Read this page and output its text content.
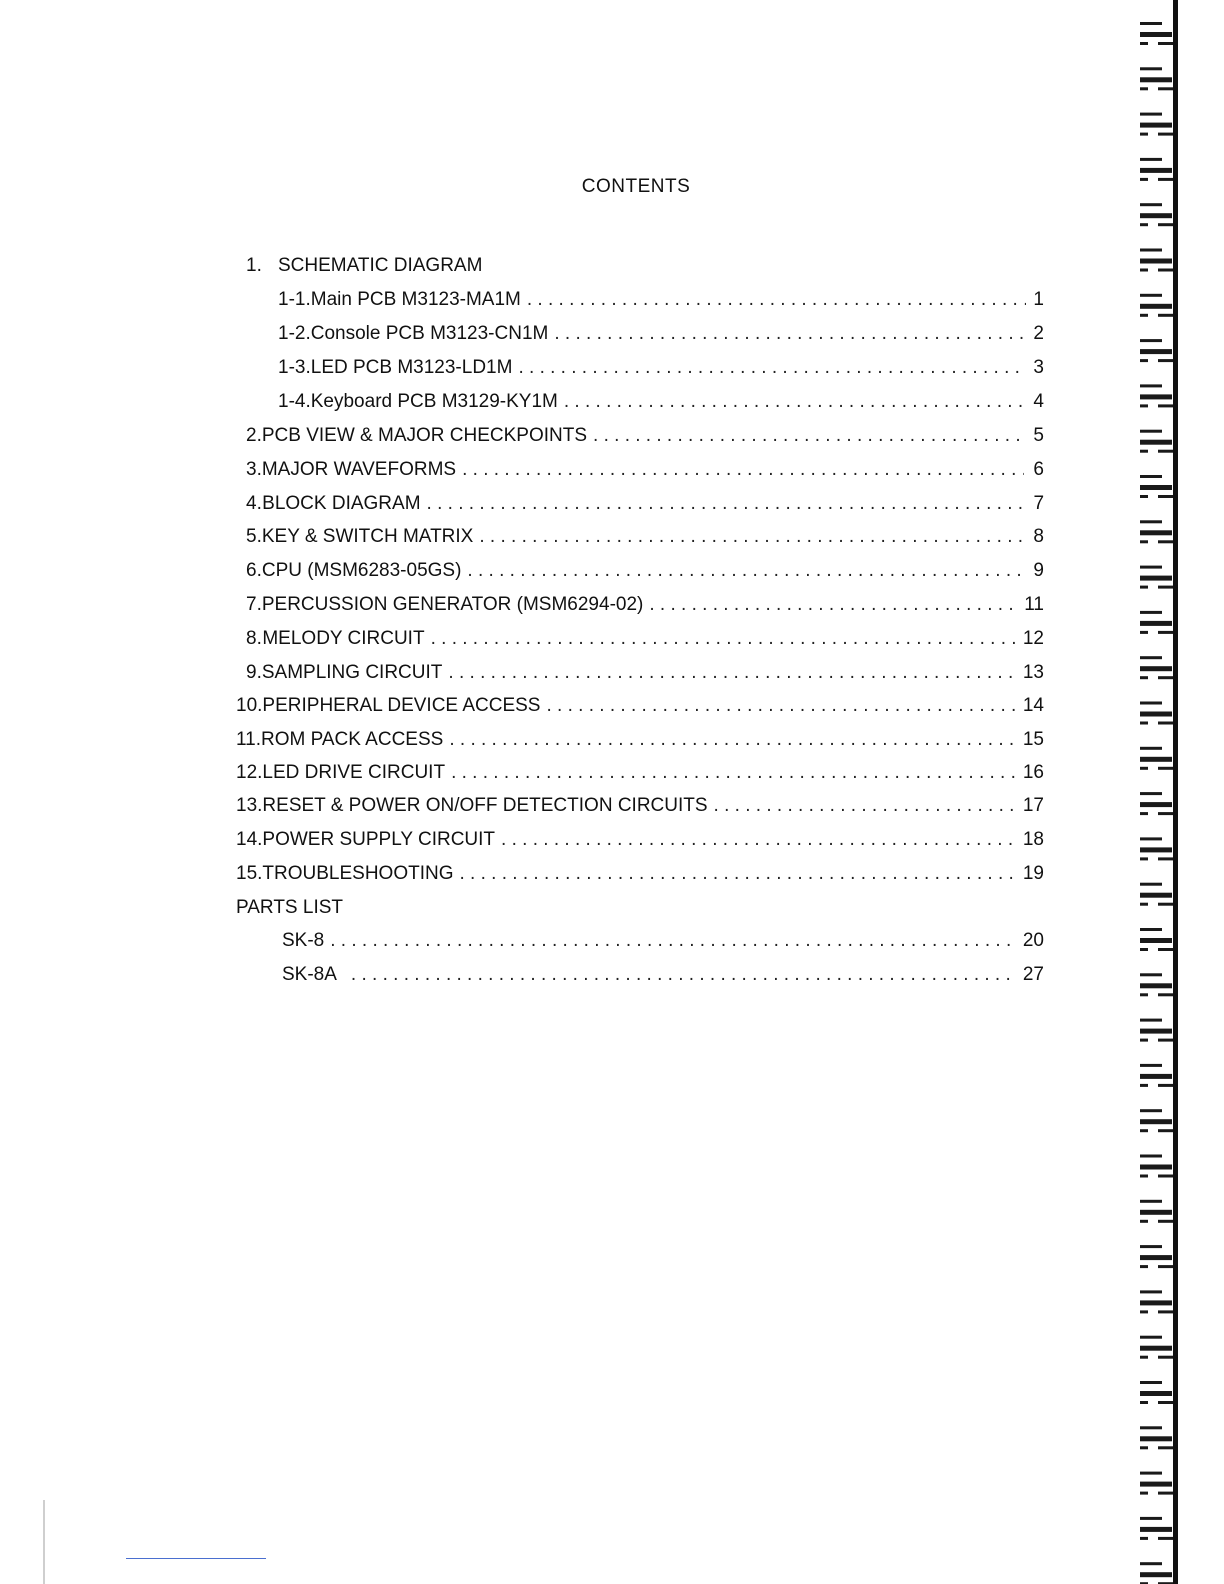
CONTENTS
1. SCHEMATIC DIAGRAM
1-1. Main PCB M3123-MA1M . . .	1
1-2. Console PCB M3123-CN1M . . .	2
1-3. LED PCB M3123-LD1M . . .	3
1-4. Keyboard PCB M3129-KY1M . . .	4
2. PCB VIEW & MAJOR CHECKPOINTS . . .	5
3. MAJOR WAVEFORMS . . .	6
4. BLOCK DIAGRAM . . .	7
5. KEY & SWITCH MATRIX . . .	8
6. CPU (MSM6283-05GS) . . .	9
7. PERCUSSION GENERATOR (MSM6294-02) . . .	11
8. MELODY CIRCUIT . . .	12
9. SAMPLING CIRCUIT . . .	13
10. PERIPHERAL DEVICE ACCESS . . .	14
11. ROM PACK ACCESS . . .	15
12. LED DRIVE CIRCUIT . . .	16
13. RESET & POWER ON/OFF DETECTION CIRCUITS . . .	17
14. POWER SUPPLY CIRCUIT . . .	18
15. TROUBLESHOOTING . . .	19
PARTS LIST
SK-8 . . .	20
SK-8A . . .	27
